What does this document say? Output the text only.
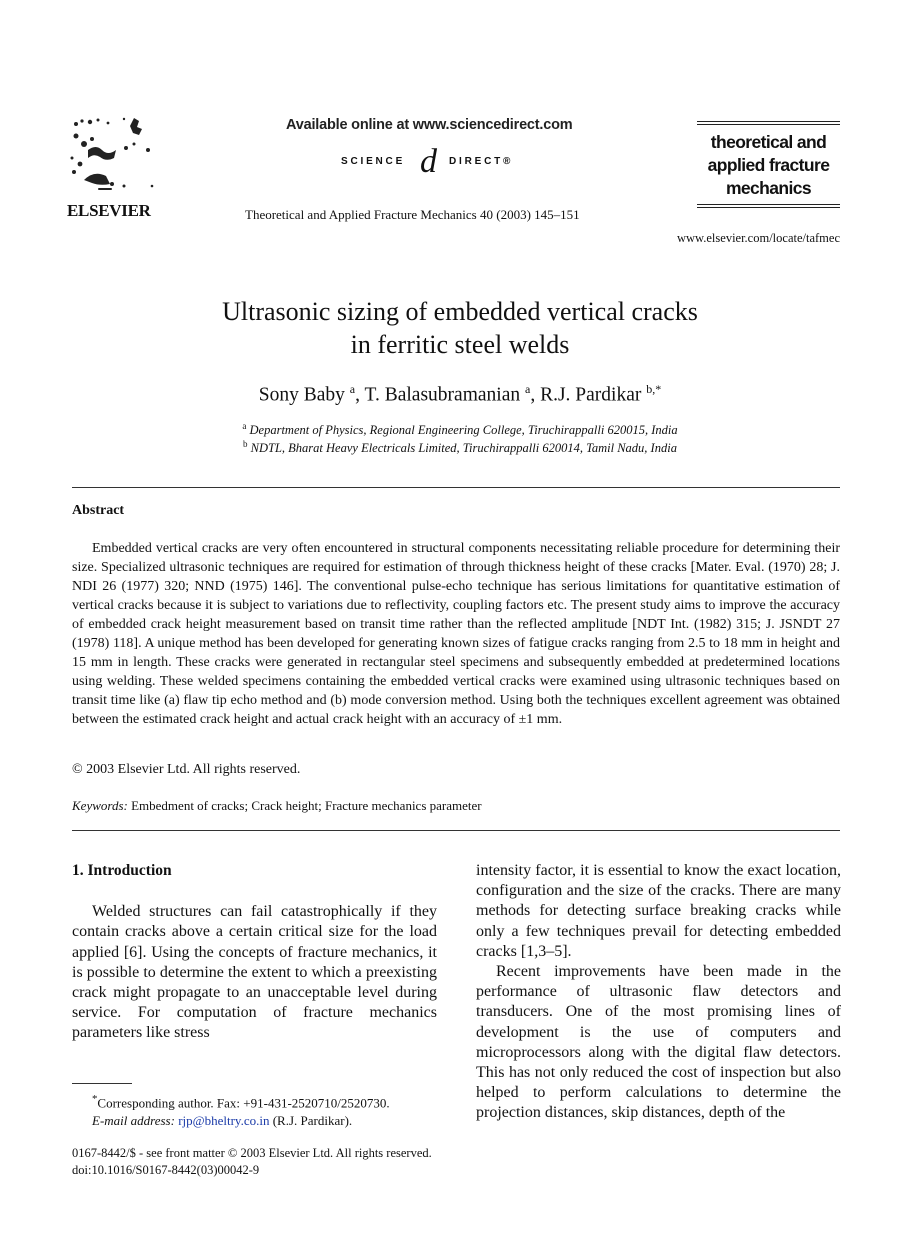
ELSEVIER
Available online at www.sciencedirect.com
SCIENCE d DIRECT®
Theoretical and Applied Fracture Mechanics 40 (2003) 145–151
theoretical and
applied fracture
mechanics
www.elsevier.com/locate/tafmec
Ultrasonic sizing of embedded vertical cracks
in ferritic steel welds
Sony Baby $^a$, T. Balasubramanian $^a$, R.J. Pardikar $^{b,*}$
$^a$ Department of Physics, Regional Engineering College, Tiruchirappalli 620015, India
$^b$ NDTL, Bharat Heavy Electricals Limited, Tiruchirappalli 620014, Tamil Nadu, India
Abstract

Embedded vertical cracks are very often encountered in structural components necessitating reliable procedure for determining their size. Specialized ultrasonic techniques are required for estimation of through thickness height of these cracks [Mater. Eval. (1970) 28; J. NDI 26 (1977) 320; NND (1975) 146]. The conventional pulse-echo technique has serious limitations for quantitative estimation of vertical cracks because it is subject to variations due to reflectivity, coupling factors etc. The present study aims to improve the accuracy of embedded crack height measurement based on transit time rather than the reflected amplitude [NDT Int. (1982) 315; J. JSNDT 27 (1978) 118]. A unique method has been developed for generating known sizes of fatigue cracks ranging from 2.5 to 18 mm in height and 15 mm in length. These cracks were generated in rectangular steel specimens and subsequently embedded at predetermined locations using welding. These welded specimens containing the embedded vertical cracks were examined using ultrasonic techniques based on transit time like (a) flaw tip echo method and (b) mode conversion method. Using both the techniques excellent agreement was obtained between the estimated crack height and actual crack height with an accuracy of ±1 mm.

© 2003 Elsevier Ltd. All rights reserved.
Keywords: Embedment of cracks; Crack height; Fracture mechanics parameter

1. Introduction

Welded structures can fail catastrophically if they contain cracks above a certain critical size for the load applied [6]. Using the concepts of fracture mechanics, it is possible to determine the extent to which a preexisting crack might propagate to an unacceptable level during service. For computation of fracture mechanics parameters like stress

intensity factor, it is essential to know the exact location, configuration and the size of the cracks. There are many methods for detecting surface breaking cracks while only a few techniques prevail for detecting embedded cracks [1,3–5].

Recent improvements have been made in the performance of ultrasonic flaw detectors and transducers. One of the most promising lines of development is the use of computers and microprocessors along with the digital flaw detectors. This has not only reduced the cost of inspection but also helped to perform calculations to determine the projection distances, skip distances, depth of the

*Corresponding author. Fax: +91-431-2520710/2520730.
E-mail address: rjp@bheltry.co.in (R.J. Pardikar).
0167-8442/$ - see front matter © 2003 Elsevier Ltd. All rights reserved.
doi:10.1016/S0167-8442(03)00042-9
